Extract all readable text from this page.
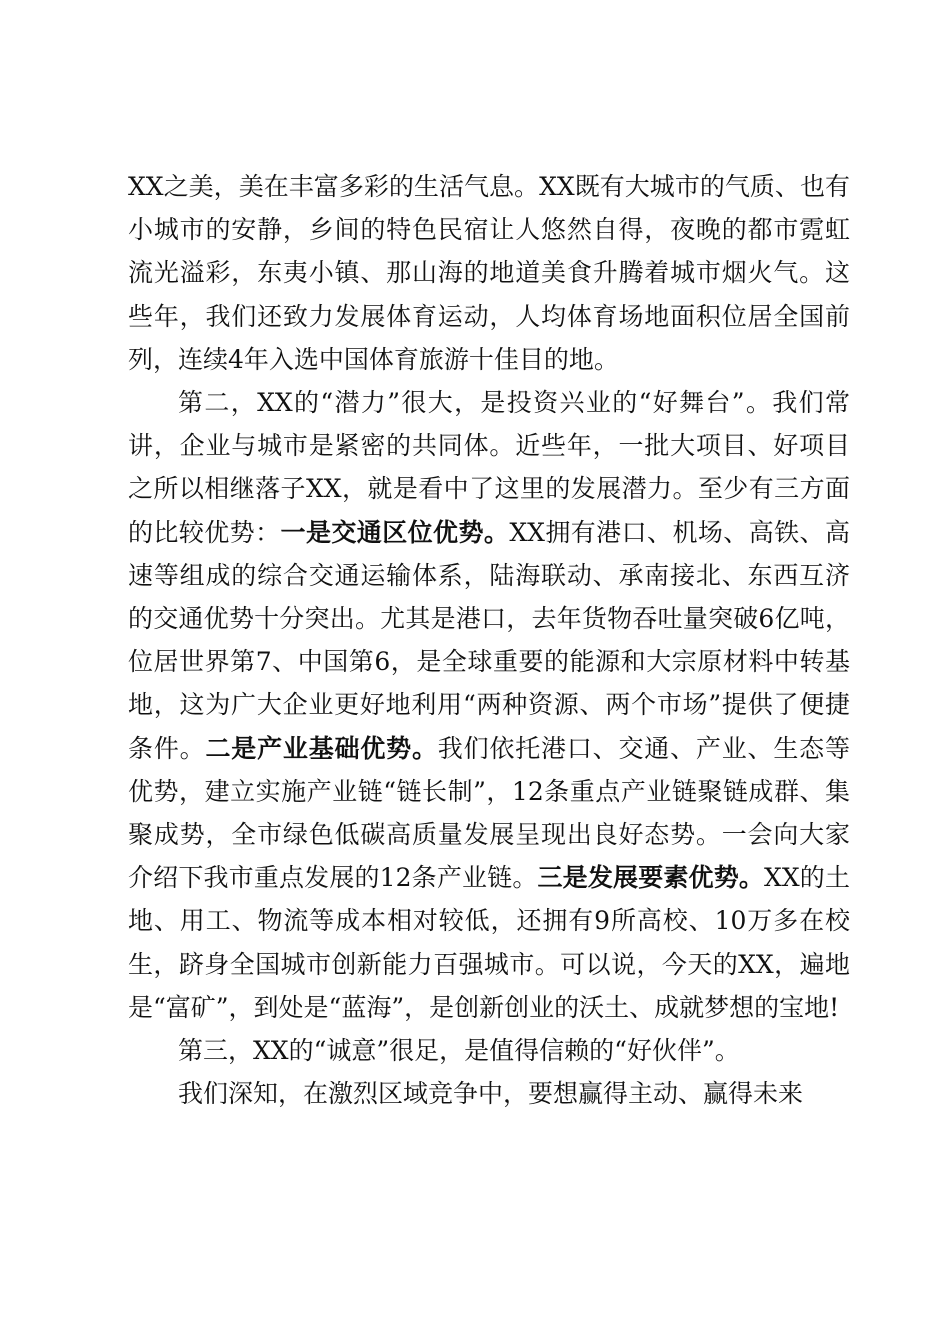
XX之美，美在丰富多彩的生活气息。XX既有大城市的气质、也有小城市的安静，乡间的特色民宿让人悠然自得，夜晚的都市霓虹流光溢彩，东夷小镇、那山海的地道美食升腾着城市烟火气。这些年，我们还致力发展体育运动，人均体育场地面积位居全国前列，连续4年入选中国体育旅游十佳目的地。

第二，XX的“潜力”很大，是投资兴业的“好舞台”。我们常讲，企业与城市是紧密的共同体。近些年，一批大项目、好项目之所以相继落子XX，就是看中了这里的发展潜力。至少有三方面的比较优势：一是交通区位优势。XX拥有港口、机场、高铁、高速等组成的综合交通运输体系，陆海联动、承南接北、东西互济的交通优势十分突出。尤其是港口，去年货物吞吐量突破6亿吨，位居世界第7、中国第6，是全球重要的能源和大宗原材料中转基地，这为广大企业更好地利用“两种资源、两个市场”提供了便捷条件。二是产业基础优势。我们依托港口、交通、产业、生态等优势，建立实施产业链“链长制”，12条重点产业链聚链成群、集聚成势，全市绿色低碳高质量发展呈现出良好态势。一会向大家介绍下我市重点发展的12条产业链。三是发展要素优势。XX的土地、用工、物流等成本相对较低，还拥有9所高校、10万多在校生，跻身全国城市创新能力百强城市。可以说，今天的XX，遍地是“富矿”，到处是“蓝海”，是创新创业的沃土、成就梦想的宝地!

第三，XX的“诚意”很足，是值得信赖的“好伙伴”。

我们深知，在激烈区域竞争中，要想赢得主动、赢得未来
